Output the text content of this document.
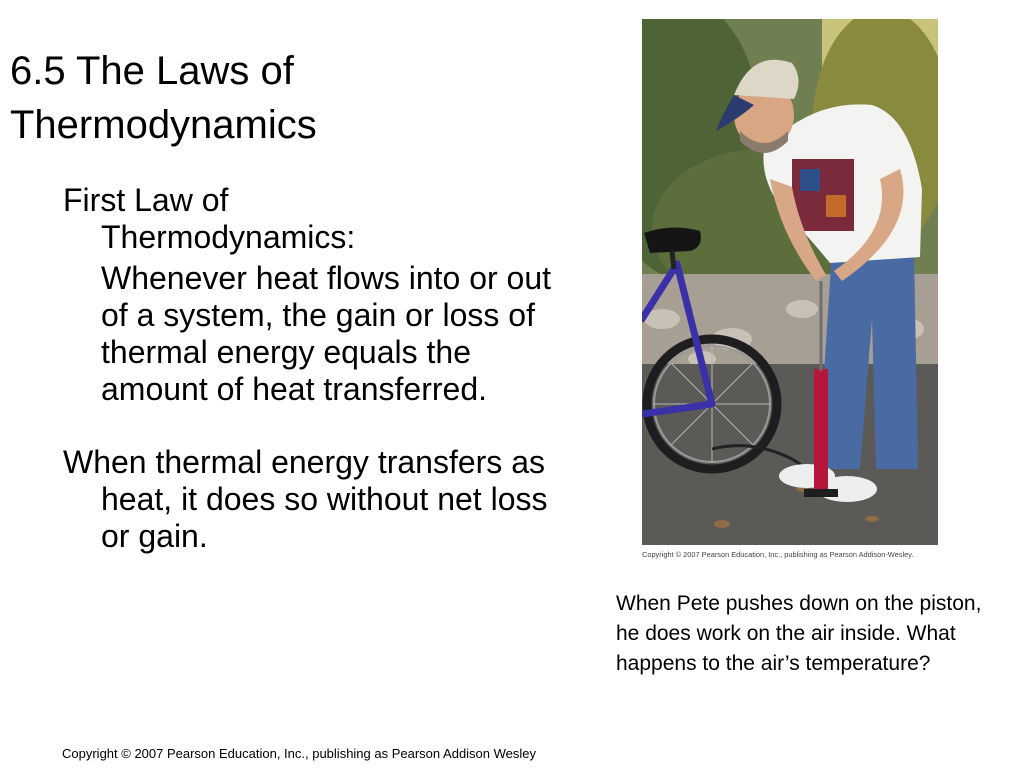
6.5 The Laws of
Thermodynamics

First Law of
Thermodynamics:

Whenever heat flows into or out of a system, the gain or loss of thermal energy equals the amount of heat transferred.

When thermal energy transfers as heat, it does so without net loss or gain.

Copyright © 2007 Pearson Education, Inc., publishing as Pearson Addison-Wesley.

When Pete pushes down on the piston, he does work on the air inside. What happens to the air’s temperature?

Copyright © 2007 Pearson Education, Inc., publishing as Pearson Addison Wesley
